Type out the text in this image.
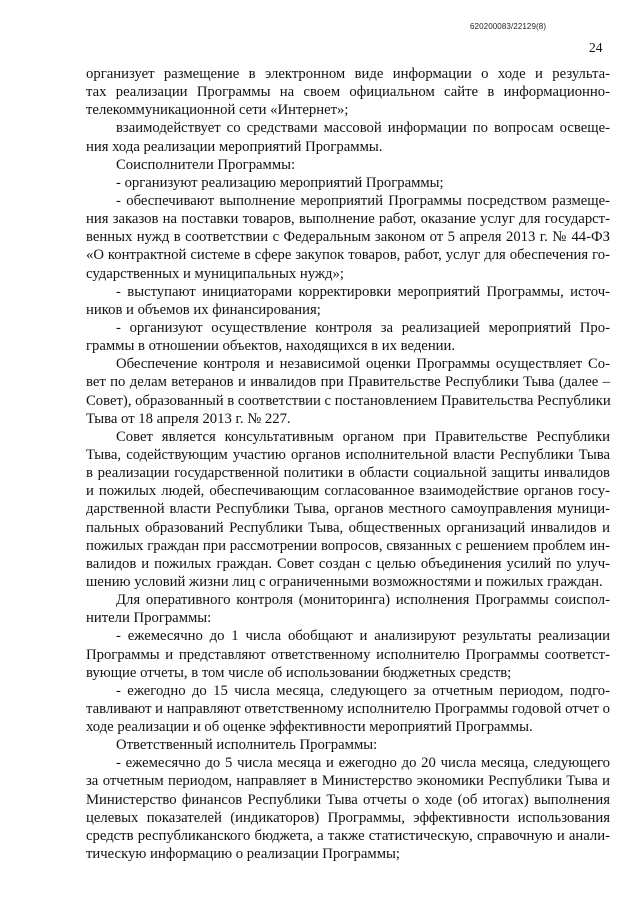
620200083/22129(8)
24
организует размещение в электронном виде информации о ходе и результа-
тах реализации Программы на своем официальном сайте в информационно-
телекоммуникационной сети «Интернет»;
взаимодействует со средствами массовой информации по вопросам освеще-
ния хода реализации мероприятий Программы.
Соисполнители Программы:
- организуют реализацию мероприятий Программы;
- обеспечивают выполнение мероприятий Программы посредством размеще-
ния заказов на поставки товаров, выполнение работ, оказание услуг для государст-
венных нужд в соответствии с Федеральным законом от 5 апреля 2013 г. № 44-ФЗ
«О контрактной системе в сфере закупок товаров, работ, услуг для обеспечения го-
сударственных и муниципальных нужд»;
- выступают инициаторами корректировки мероприятий Программы, источ-
ников и объемов их финансирования;
- организуют осуществление контроля за реализацией мероприятий Про-
граммы в отношении объектов, находящихся в их ведении.
Обеспечение контроля и независимой оценки Программы осуществляет Со-
вет по делам ветеранов и инвалидов при Правительстве Республики Тыва (далее –
Совет), образованный в соответствии с постановлением Правительства Республики
Тыва от 18 апреля 2013 г. № 227.
Совет является консультативным органом при Правительстве Республики
Тыва, содействующим участию органов исполнительной власти Республики Тыва
в реализации государственной политики в области социальной защиты инвалидов
и пожилых людей, обеспечивающим согласованное взаимодействие органов госу-
дарственной власти Республики Тыва, органов местного самоуправления муници-
пальных образований Республики Тыва, общественных организаций инвалидов и
пожилых граждан при рассмотрении вопросов, связанных с решением проблем ин-
валидов и пожилых граждан. Совет создан с целью объединения усилий по улуч-
шению условий жизни лиц с ограниченными возможностями и пожилых граждан.
Для оперативного контроля (мониторинга) исполнения Программы соиспол-
нители Программы:
- ежемесячно до 1 числа обобщают и анализируют результаты реализации
Программы и представляют ответственному исполнителю Программы соответст-
вующие отчеты, в том числе об использовании бюджетных средств;
- ежегодно до 15 числа месяца, следующего за отчетным периодом, подго-
тавливают и направляют ответственному исполнителю Программы годовой отчет о
ходе реализации и об оценке эффективности мероприятий Программы.
Ответственный исполнитель Программы:
- ежемесячно до 5 числа месяца и ежегодно до 20 числа месяца, следующего
за отчетным периодом, направляет в Министерство экономики Республики Тыва и
Министерство финансов Республики Тыва отчеты о ходе (об итогах) выполнения
целевых показателей (индикаторов) Программы, эффективности использования
средств республиканского бюджета, а также статистическую, справочную и анали-
тическую информацию о реализации Программы;
